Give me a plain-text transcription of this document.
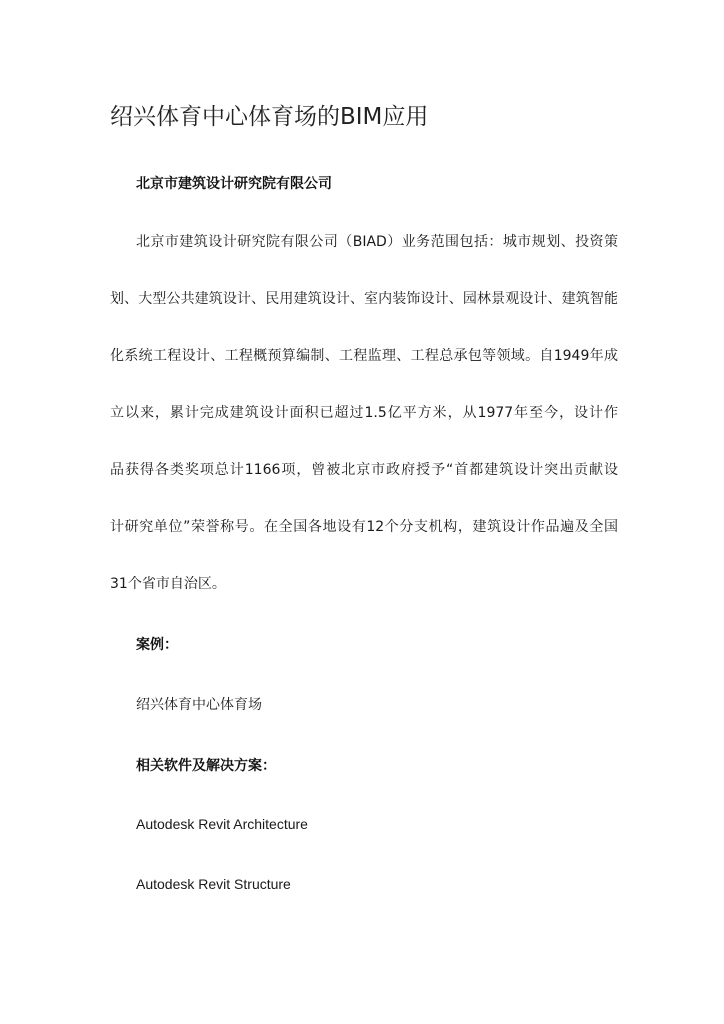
绍兴体育中心体育场的BIM应用

北京市建筑设计研究院有限公司

北京市建筑设计研究院有限公司（BIAD）业务范围包括：城市规划、投资策

划、大型公共建筑设计、民用建筑设计、室内装饰设计、园林景观设计、建筑智能

化系统工程设计、工程概预算编制、工程监理、工程总承包等领域。自1949年成

立以来，累计完成建筑设计面积已超过1.5亿平方米，从1977年至今，设计作

品获得各类奖项总计1166项，曾被北京市政府授予“首都建筑设计突出贡献设

计研究单位”荣誉称号。在全国各地设有12个分支机构，建筑设计作品遍及全国

31个省市自治区。

案例：

绍兴体育中心体育场

相关软件及解决方案：

Autodesk Revit Architecture

Autodesk Revit Structure
